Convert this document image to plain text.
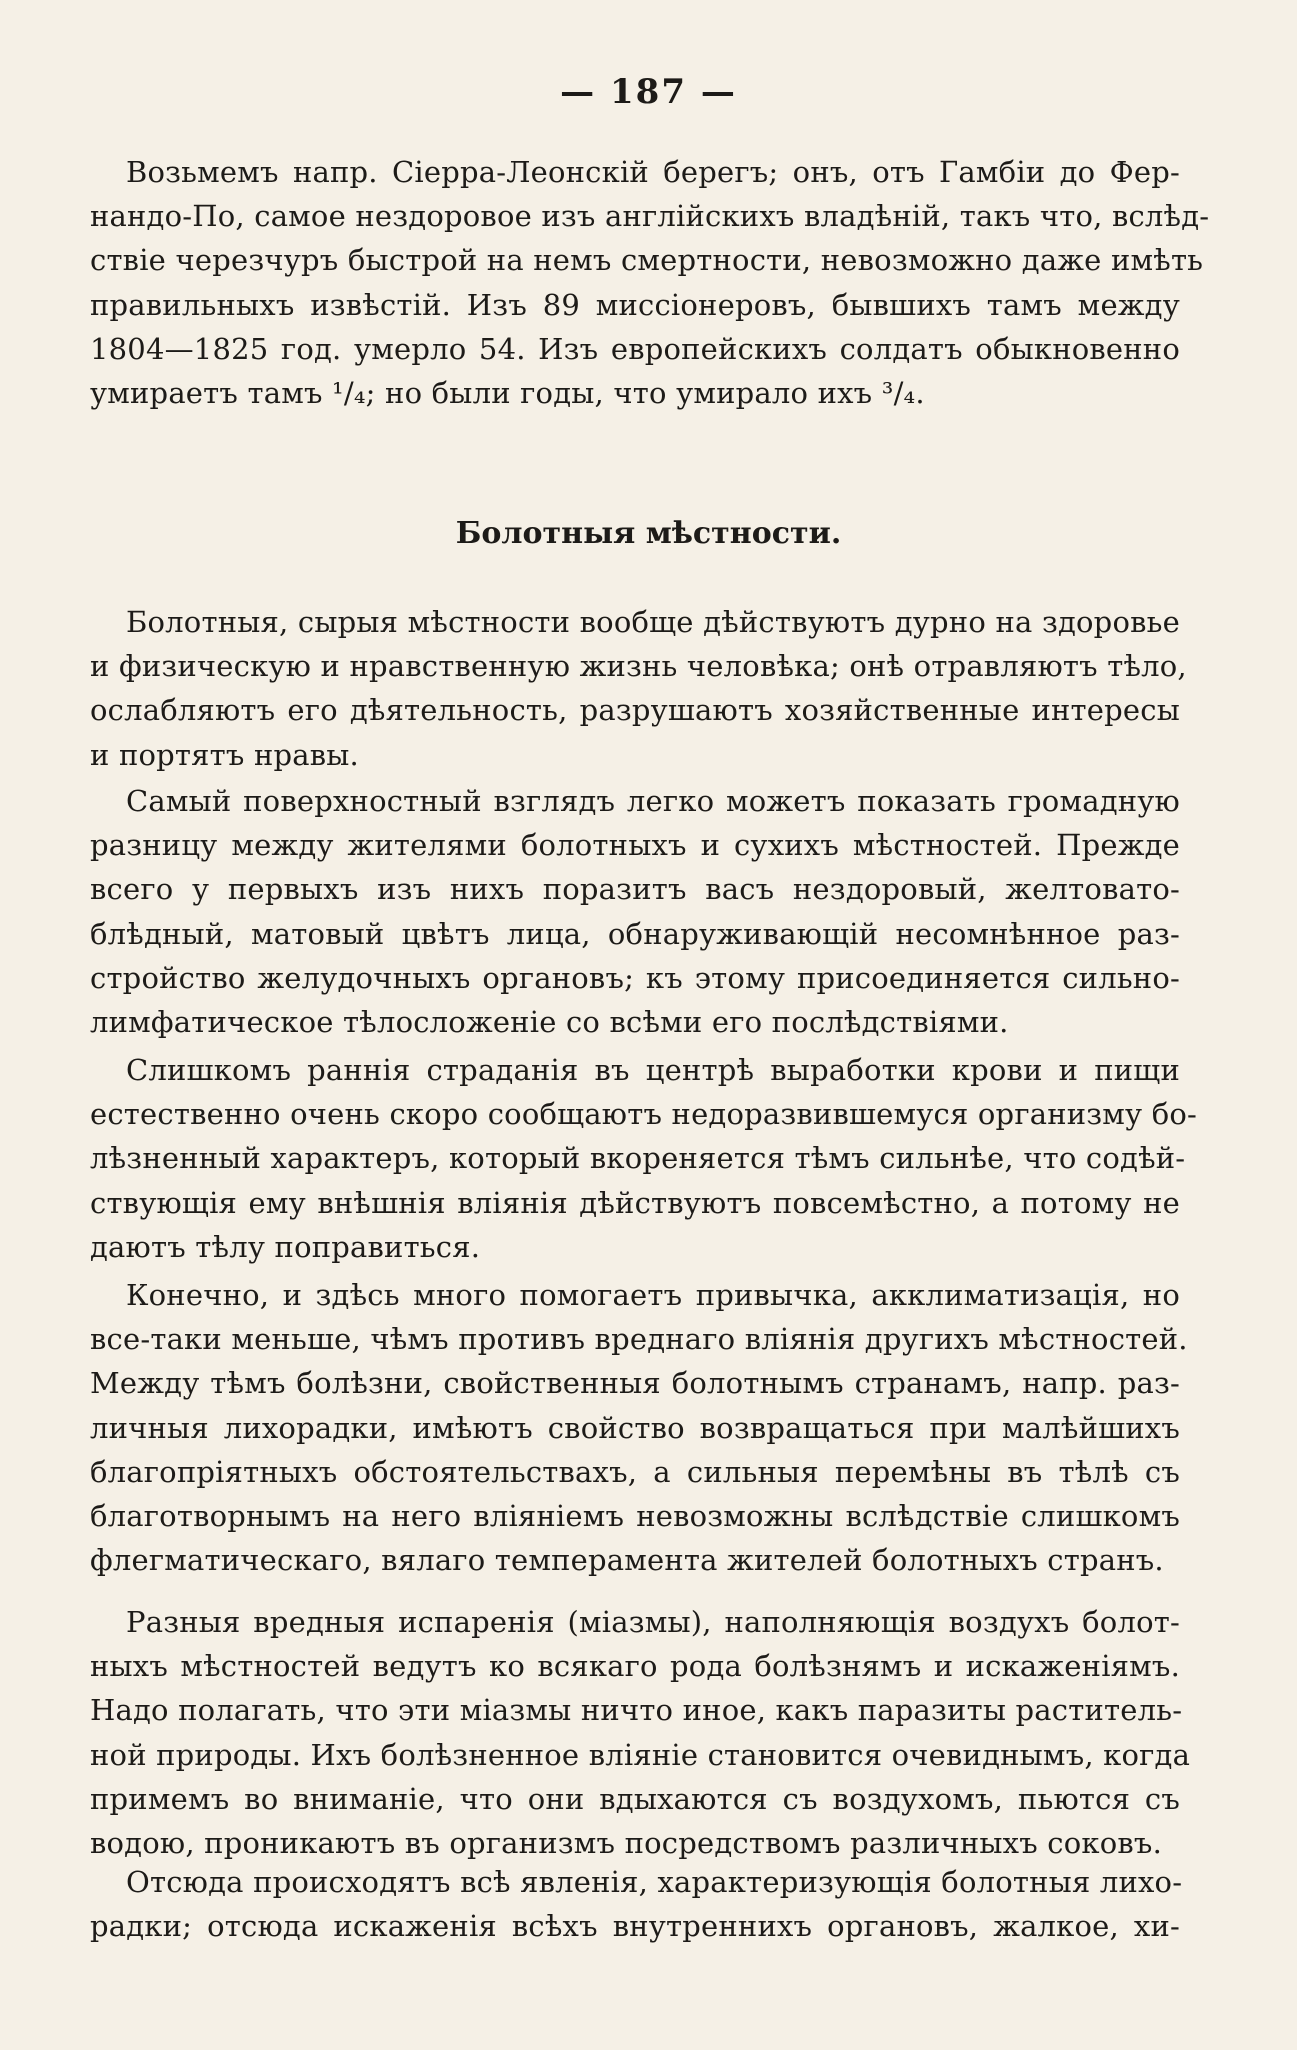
— 187 —
Возьмемъ напр. Сіерра-Леонскій берегъ; онъ, отъ Гамбіи до Фер-
нандо-По, самое нездоровое изъ англійскихъ владѣній, такъ что, вслѣд-
ствіе черезчуръ быстрой на немъ смертности, невозможно даже имѣть
правильныхъ извѣстій. Изъ 89 миссіонеровъ, бывшихъ тамъ между
1804—1825 год. умерло 54. Изъ европейскихъ солдатъ обыкновенно
умираетъ тамъ ¹/₄; но были годы, что умирало ихъ ³/₄.
Болотныя мѣстности.
Болотныя, сырыя мѣстности вообще дѣйствуютъ дурно на здоровье
и физическую и нравственную жизнь человѣка; онѣ отравляютъ тѣло,
ослабляютъ его дѣятельность, разрушаютъ хозяйственные интересы
и портятъ нравы.
Самый поверхностный взглядъ легко можетъ показать громадную
разницу между жителями болотныхъ и сухихъ мѣстностей. Прежде
всего у первыхъ изъ нихъ поразитъ васъ нездоровый, желтовато-
блѣдный, матовый цвѣтъ лица, обнаруживающій несомнѣнное раз-
стройство желудочныхъ органовъ; къ этому присоединяется сильно-
лимфатическое тѣлосложеніе со всѣми его послѣдствіями.
Слишкомъ раннія страданія въ центрѣ выработки крови и пищи
естественно очень скоро сообщаютъ недоразвившемуся организму бо-
лѣзненный характеръ, который вкореняется тѣмъ сильнѣе, что содѣй-
ствующія ему внѣшнія вліянія дѣйствуютъ повсемѣстно, а потому не
даютъ тѣлу поправиться.
Конечно, и здѣсь много помогаетъ привычка, акклиматизація, но
все-таки меньше, чѣмъ противъ вреднаго вліянія другихъ мѣстностей.
Между тѣмъ болѣзни, свойственныя болотнымъ странамъ, напр. раз-
личныя лихорадки, имѣютъ свойство возвращаться при малѣйшихъ
благопріятныхъ обстоятельствахъ, а сильныя перемѣны въ тѣлѣ съ
благотворнымъ на него вліяніемъ невозможны вслѣдствіе слишкомъ
флегматическаго, вялаго темперамента жителей болотныхъ странъ.
Разныя вредныя испаренія (міазмы), наполняющія воздухъ болот-
ныхъ мѣстностей ведутъ ко всякаго рода болѣзнямъ и искаженіямъ.
Надо полагать, что эти міазмы ничто иное, какъ паразиты раститель-
ной природы. Ихъ болѣзненное вліяніе становится очевиднымъ, когда
примемъ во вниманіе, что они вдыхаются съ воздухомъ, пьются съ
водою, проникаютъ въ организмъ посредствомъ различныхъ соковъ.
Отсюда происходятъ всѣ явленія, характеризующія болотныя лихо-
радки; отсюда искаженія всѣхъ внутреннихъ органовъ, жалкое, хи-
